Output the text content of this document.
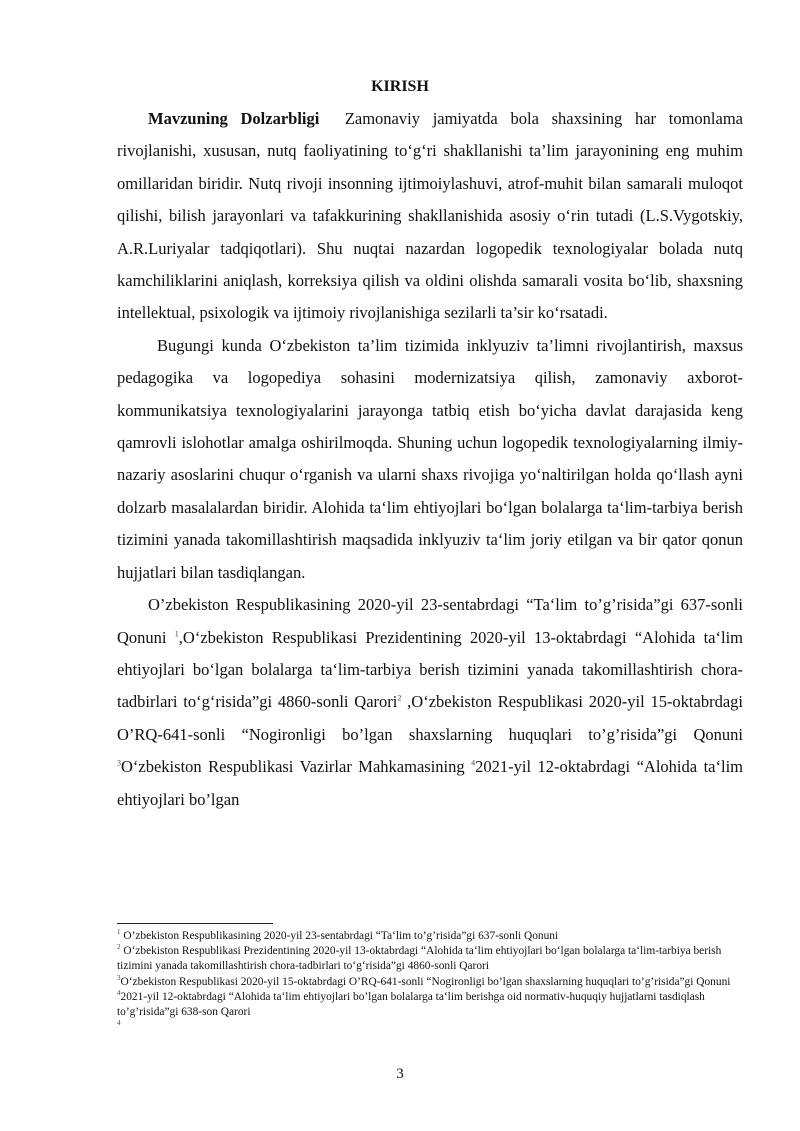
KIRISH

Mavzuning Dolzarbligi Zamonaviy jamiyatda bola shaxsining har tomonlama rivojlanishi, xususan, nutq faoliyatining to‘g‘ri shakllanishi ta’lim jarayonining eng muhim omillaridan biridir. Nutq rivoji insonning ijtimoiylashuvi, atrof-muhit bilan samarali muloqot qilishi, bilish jarayonlari va tafakkurining shakllanishida asosiy o‘rin tutadi (L.S.Vygotskiy, A.R.Luriyalar tadqiqotlari). Shu nuqtai nazardan logopedik texnologiyalar bolada nutq kamchiliklarini aniqlash, korreksiya qilish va oldini olishda samarali vosita bo‘lib, shaxsning intellektual, psixologik va ijtimoiy rivojlanishiga sezilarli ta’sir ko‘rsatadi.

Bugungi kunda O‘zbekiston ta’lim tizimida inklyuziv ta’limni rivojlantirish, maxsus pedagogika va logopediya sohasini modernizatsiya qilish, zamonaviy axborot-kommunikatsiya texnologiyalarini jarayonga tatbiq etish bo‘yicha davlat darajasida keng qamrovli islohotlar amalga oshirilmoqda. Shuning uchun logopedik texnologiyalarning ilmiy-nazariy asoslarini chuqur o‘rganish va ularni shaxs rivojiga yo‘naltirilgan holda qo‘llash ayni dolzarb masalalardan biridir. Alohida ta‘lim ehtiyojlari bo‘lgan bolalarga ta‘lim-tarbiya berish tizimini yanada takomillashtirish maqsadida inklyuziv ta‘lim joriy etilgan va bir qator qonun hujjatlari bilan tasdiqlangan.

O’zbekiston Respublikasining 2020-yil 23-sentabrdagi “Ta‘lim to’g’risida”gi 637-sonli Qonuni $^1$,O‘zbekiston Respublikasi Prezidentining 2020-yil 13-oktabrdagi “Alohida ta‘lim ehtiyojlari bo‘lgan bolalarga ta‘lim-tarbiya berish tizimini yanada takomillashtirish chora-tadbirlari to‘g‘risida”gi 4860-sonli Qarori$^2$ ,O‘zbekiston Respublikasi 2020-yil 15-oktabrdagi O’RQ-641-sonli “Nogironligi bo’lgan shaxslarning huquqlari to’g’risida”gi Qonuni $^3$O‘zbekiston Respublikasi Vazirlar Mahkamasining $^4$2021-yil 12-oktabrdagi “Alohida ta‘lim ehtiyojlari bo’lgan

$^1$ O’zbekiston Respublikasining 2020-yil 23-sentabrdagi “Ta‘lim to’g’risida”gi 637-sonli Qonuni

$^2$ O‘zbekiston Respublikasi Prezidentining 2020-yil 13-oktabrdagi “Alohida ta‘lim ehtiyojlari bo‘lgan bolalarga ta‘lim-tarbiya berish tizimini yanada takomillashtirish chora-tadbirlari to‘g‘risida”gi 4860-sonli Qarori

$^3$O‘zbekiston Respublikasi 2020-yil 15-oktabrdagi O’RQ-641-sonli “Nogironligi bo’lgan shaxslarning huquqlari to’g’risida”gi Qonuni

$^4$2021-yil 12-oktabrdagi “Alohida ta‘lim ehtiyojlari bo’lgan bolalarga ta‘lim berishga oid normativ-huquqiy hujjatlarni tasdiqlash to’g’risida”gi 638-son Qarori

$^4$

3
